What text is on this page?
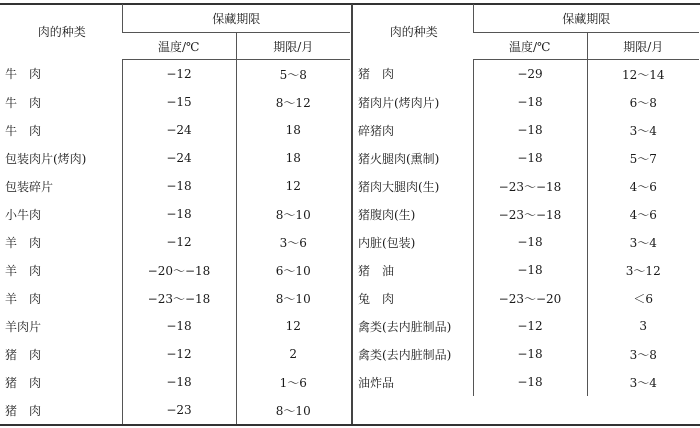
肉的种类	保藏期限	
	温度/℃	期限/月
牛　肉	−12	5～8
牛　肉	−15	8～12
牛　肉	−24	18
包装肉片(烤肉)	−24	18
包装碎片	−18	12
小牛肉	−18	8～10
羊　肉	−12	3～6
羊　肉	−20～−18	6～10
羊　肉	−23～−18	8～10
羊肉片	−18	12
猪　肉	−12	2
猪　肉	−18	1～6
猪　肉	−23	8～10
肉的种类	保藏期限	
	温度/℃	期限/月
猪　肉	−29	12～14
猪肉片(烤肉片)	−18	6～8
碎猪肉	−18	3～4
猪火腿肉(熏制)	−18	5～7
猪肉大腿肉(生)	−23～−18	4～6
猪腹肉(生)	−23～−18	4～6
内脏(包装)	−18	3～4
猪　油	−18	3～12
兔　肉	−23～−20	＜6
禽类(去内脏制品)	−12	3
禽类(去内脏制品)	−18	3～8
油炸品	−18	3～4
